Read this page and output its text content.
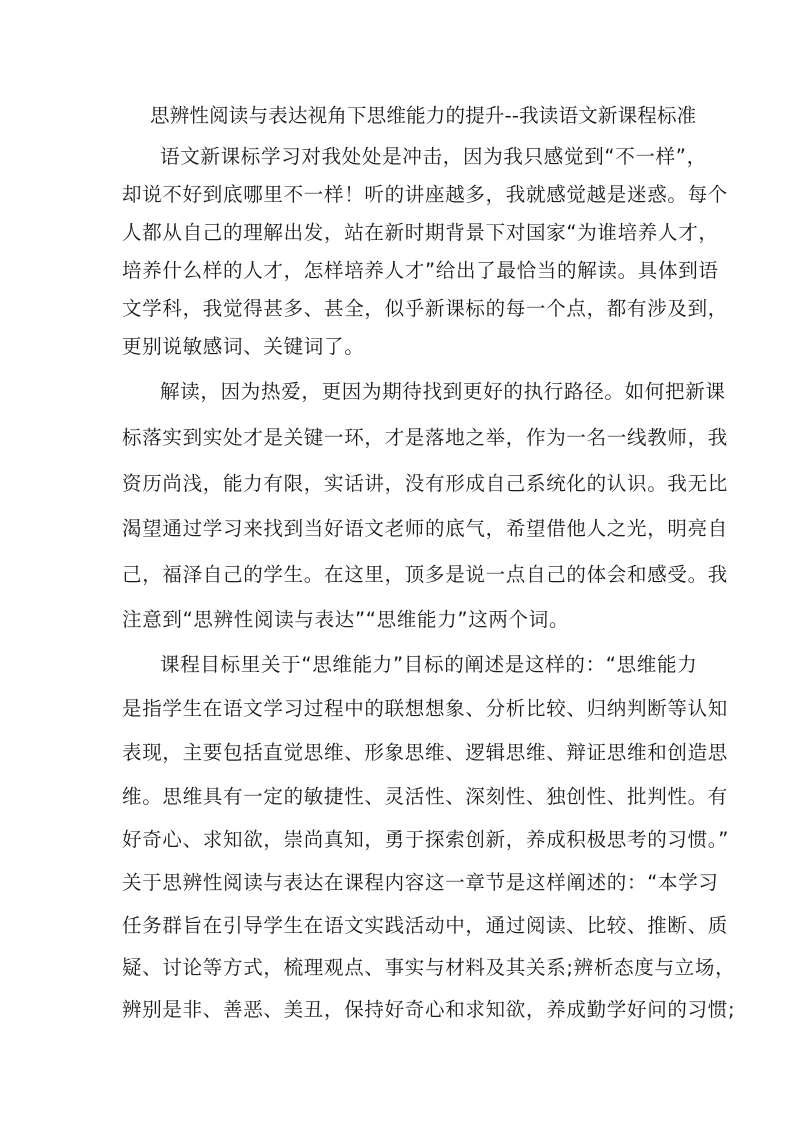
思辨性阅读与表达视角下思维能力的提升--我读语文新课程标准
语文新课标学习对我处处是冲击，因为我只感觉到“不一样”，
却说不好到底哪里不一样！听的讲座越多，我就感觉越是迷惑。每个
人都从自己的理解出发，站在新时期背景下对国家“为谁培养人才，
培养什么样的人才，怎样培养人才”给出了最恰当的解读。具体到语
文学科，我觉得甚多、甚全，似乎新课标的每一个点，都有涉及到，
更别说敏感词、关键词了。
解读，因为热爱，更因为期待找到更好的执行路径。如何把新课
标落实到实处才是关键一环，才是落地之举，作为一名一线教师，我
资历尚浅，能力有限，实话讲，没有形成自己系统化的认识。我无比
渴望通过学习来找到当好语文老师的底气，希望借他人之光，明亮自
己，福泽自己的学生。在这里，顶多是说一点自己的体会和感受。我
注意到“思辨性阅读与表达”“思维能力”这两个词。
课程目标里关于“思维能力”目标的阐述是这样的：“思维能力
是指学生在语文学习过程中的联想想象、分析比较、归纳判断等认知
表现，主要包括直觉思维、形象思维、逻辑思维、辩证思维和创造思
维。思维具有一定的敏捷性、灵活性、深刻性、独创性、批判性。有
好奇心、求知欲，崇尚真知，勇于探索创新，养成积极思考的习惯。”
关于思辨性阅读与表达在课程内容这一章节是这样阐述的：“本学习
任务群旨在引导学生在语文实践活动中，通过阅读、比较、推断、质
疑、讨论等方式，梳理观点、事实与材料及其关系;辨析态度与立场，
辨别是非、善恶、美丑，保持好奇心和求知欲，养成勤学好问的习惯;
